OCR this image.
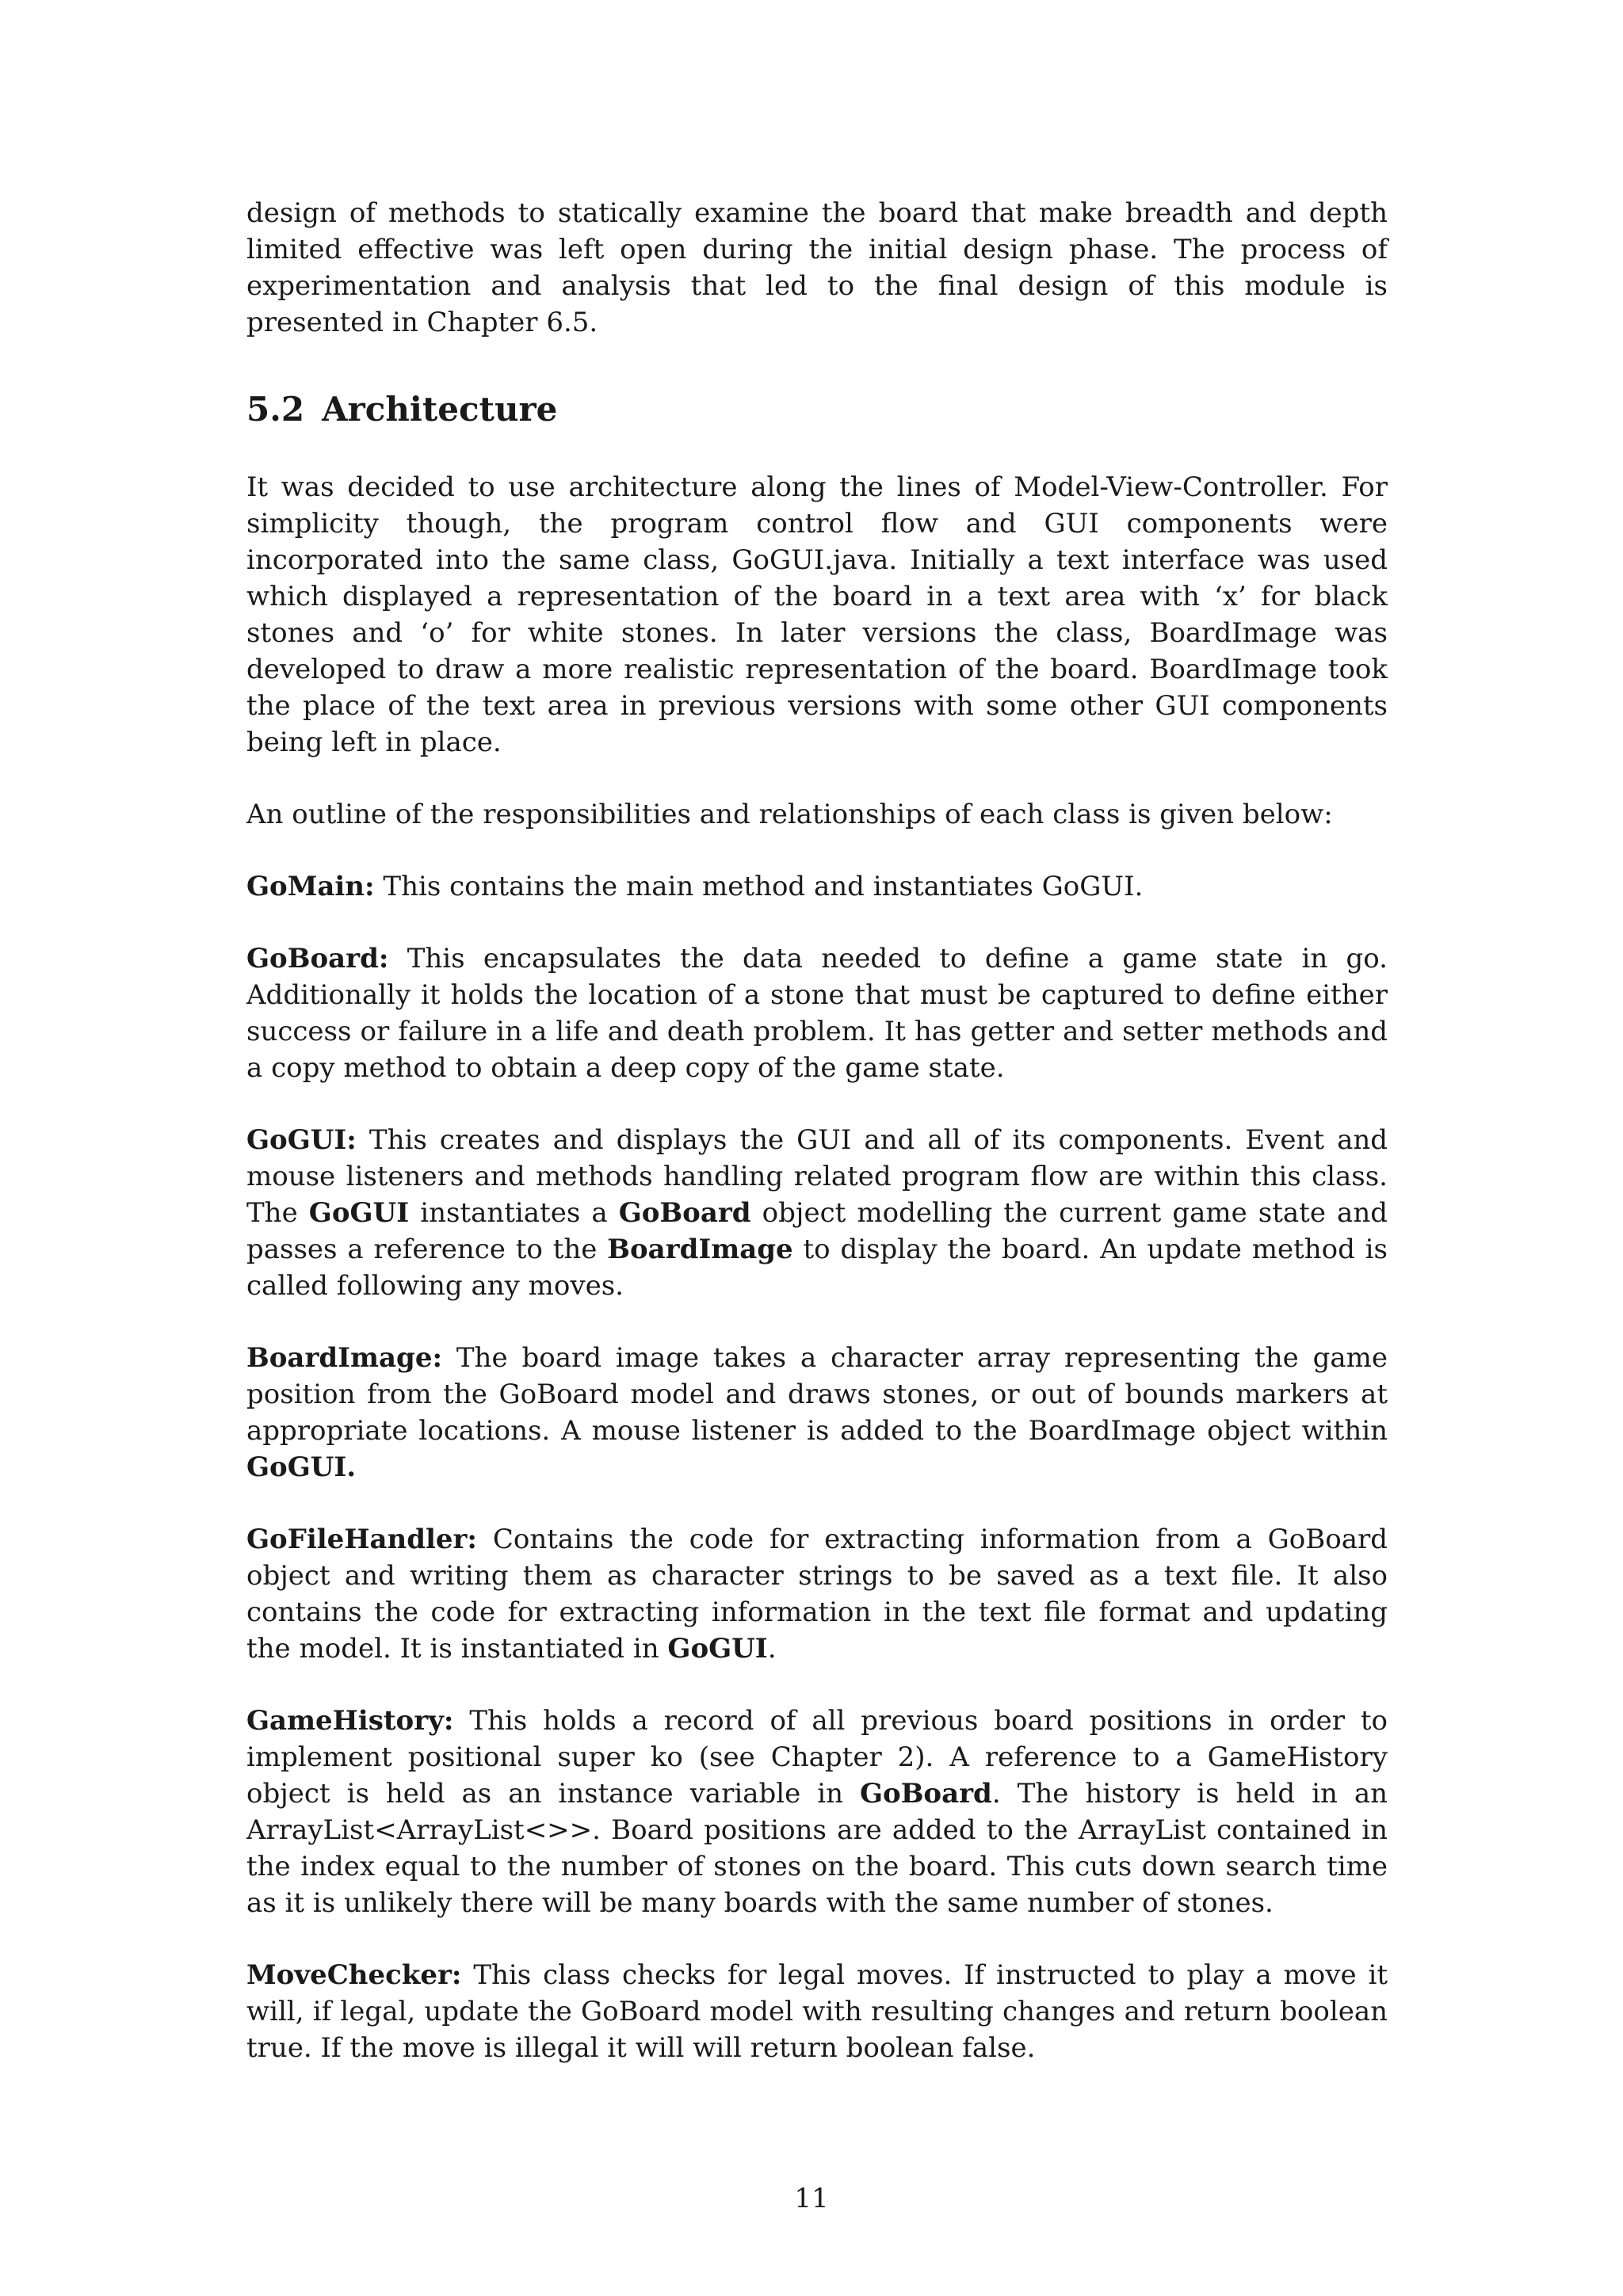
design of methods to statically examine the board that make breadth and depth limited effective was left open during the initial design phase. The process of experimentation and analysis that led to the final design of this module is presented in Chapter 6.5.

5.2 Architecture

It was decided to use architecture along the lines of Model-View-Controller. For simplicity though, the program control flow and GUI components were incorporated into the same class, GoGUI.java. Initially a text interface was used which displayed a representation of the board in a text area with ‘x’ for black stones and ‘o’ for white stones. In later versions the class, BoardImage was developed to draw a more realistic representation of the board. BoardImage took the place of the text area in previous versions with some other GUI components being left in place.

An outline of the responsibilities and relationships of each class is given below:

GoMain: This contains the main method and instantiates GoGUI.

GoBoard: This encapsulates the data needed to define a game state in go. Additionally it holds the location of a stone that must be captured to define either success or failure in a life and death problem. It has getter and setter methods and a copy method to obtain a deep copy of the game state.

GoGUI: This creates and displays the GUI and all of its components. Event and mouse listeners and methods handling related program flow are within this class. The GoGUI instantiates a GoBoard object modelling the current game state and passes a reference to the BoardImage to display the board. An update method is called following any moves.

BoardImage: The board image takes a character array representing the game position from the GoBoard model and draws stones, or out of bounds markers at appropriate locations. A mouse listener is added to the BoardImage object within GoGUI.

GoFileHandler: Contains the code for extracting information from a GoBoard object and writing them as character strings to be saved as a text file. It also contains the code for extracting information in the text file format and updating the model. It is instantiated in GoGUI.

GameHistory: This holds a record of all previous board positions in order to implement positional super ko (see Chapter 2). A reference to a GameHistory object is held as an instance variable in GoBoard. The history is held in an ArrayList<ArrayList<>>. Board positions are added to the ArrayList contained in the index equal to the number of stones on the board. This cuts down search time as it is unlikely there will be many boards with the same number of stones.

MoveChecker: This class checks for legal moves. If instructed to play a move it will, if legal, update the GoBoard model with resulting changes and return boolean true. If the move is illegal it will will return boolean false.

11
